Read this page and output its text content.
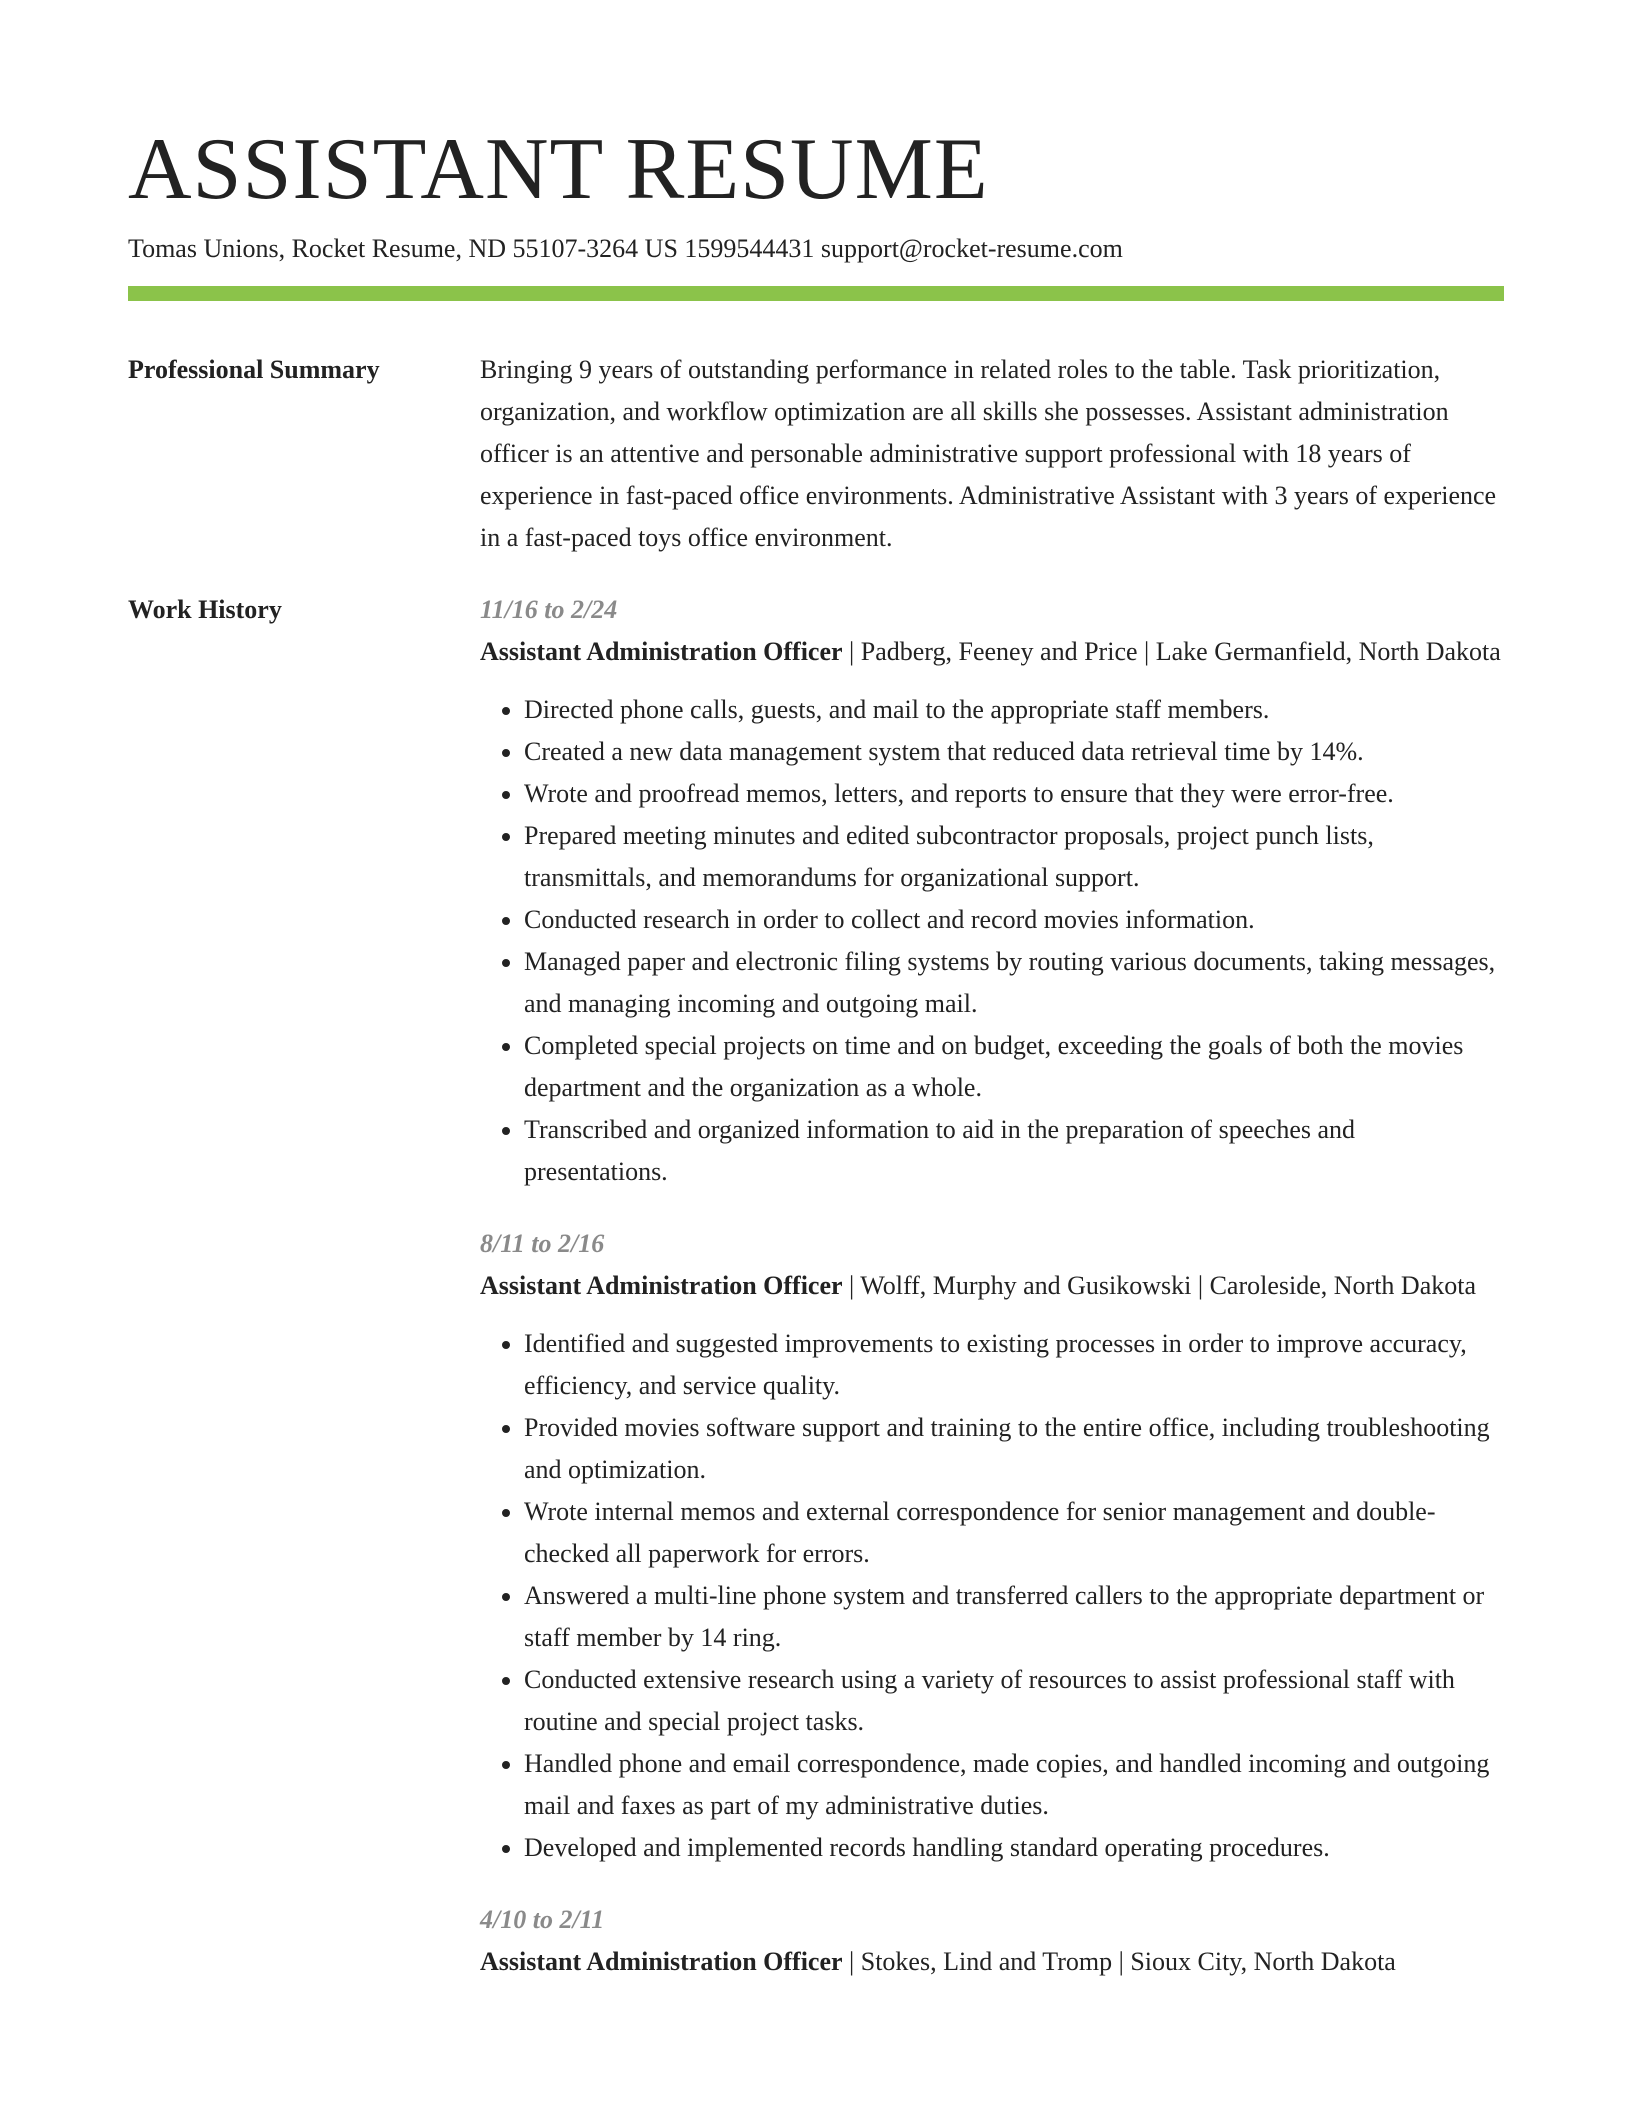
ASSISTANT RESUME
Tomas Unions, Rocket Resume, ND 55107-3264 US 1599544431 support@rocket-resume.com
Professional Summary	Bringing 9 years of outstanding performance in related roles to the table. Task prioritization, organization, and workflow optimization are all skills she possesses. Assistant administration officer is an attentive and personable administrative support professional with 18 years of experience in fast-paced office environments. Administrative Assistant with 3 years of experience in a fast-paced toys office environment.
Work History	11/16 to 2/24
Assistant Administration Officer | Padberg, Feeney and Price | Lake Germanfield, North Dakota
• Directed phone calls, guests, and mail to the appropriate staff members.
• Created a new data management system that reduced data retrieval time by 14%.
• Wrote and proofread memos, letters, and reports to ensure that they were error-free.
• Prepared meeting minutes and edited subcontractor proposals, project punch lists, transmittals, and memorandums for organizational support.
• Conducted research in order to collect and record movies information.
• Managed paper and electronic filing systems by routing various documents, taking messages, and managing incoming and outgoing mail.
• Completed special projects on time and on budget, exceeding the goals of both the movies department and the organization as a whole.
• Transcribed and organized information to aid in the preparation of speeches and presentations.
8/11 to 2/16
Assistant Administration Officer | Wolff, Murphy and Gusikowski | Caroleside, North Dakota
• Identified and suggested improvements to existing processes in order to improve accuracy, efficiency, and service quality.
• Provided movies software support and training to the entire office, including troubleshooting and optimization.
• Wrote internal memos and external correspondence for senior management and double-checked all paperwork for errors.
• Answered a multi-line phone system and transferred callers to the appropriate department or staff member by 14 ring.
• Conducted extensive research using a variety of resources to assist professional staff with routine and special project tasks.
• Handled phone and email correspondence, made copies, and handled incoming and outgoing mail and faxes as part of my administrative duties.
• Developed and implemented records handling standard operating procedures.
4/10 to 2/11
Assistant Administration Officer | Stokes, Lind and Tromp | Sioux City, North Dakota
